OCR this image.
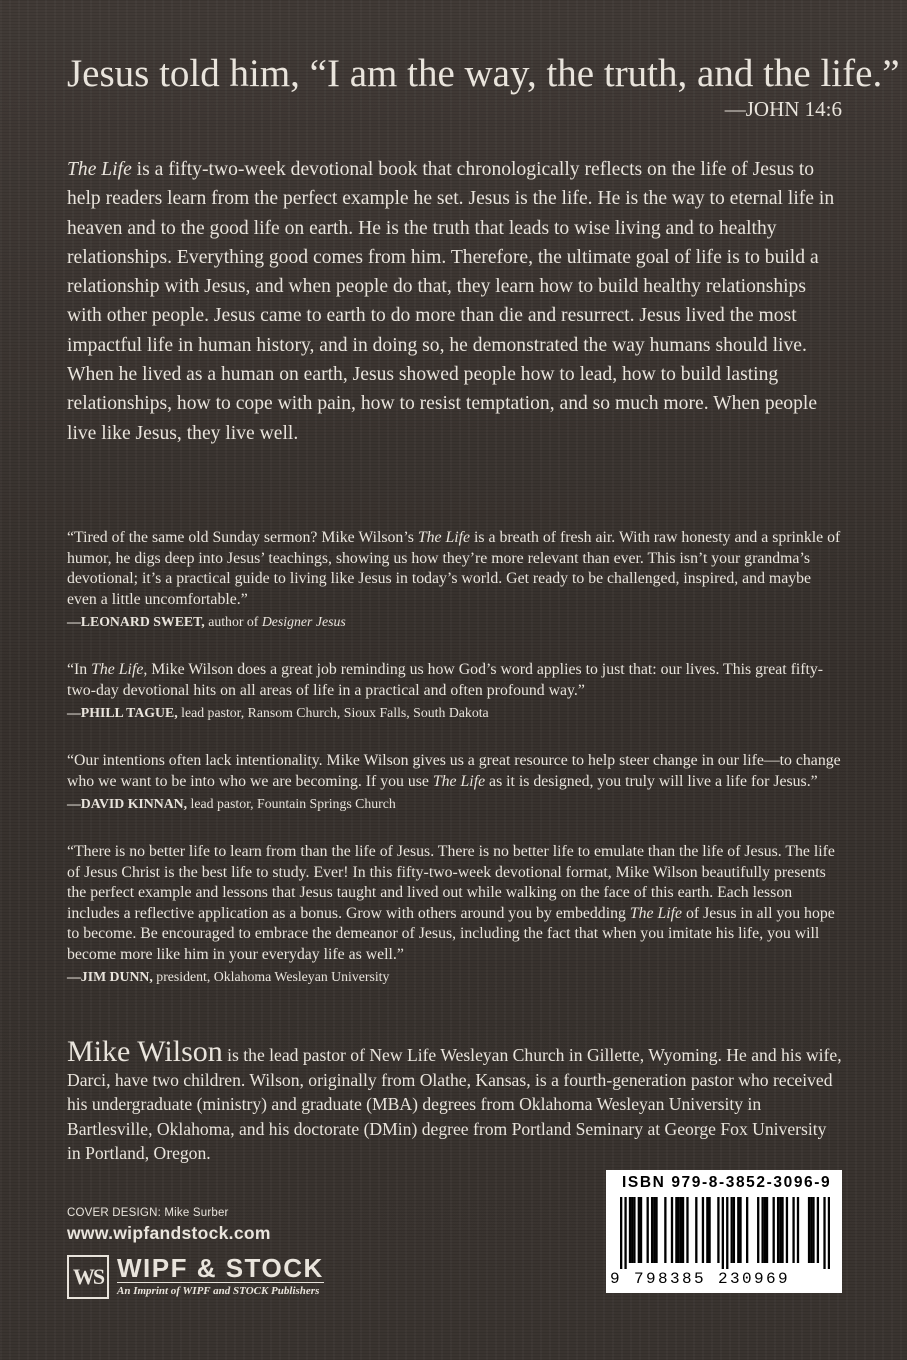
Jesus told him, “I am the way, the truth, and the life.”
—JOHN 14:6

The Life is a fifty-two-week devotional book that chronologically reflects on the life of Jesus to help readers learn from the perfect example he set. Jesus is the life. He is the way to eternal life in heaven and to the good life on earth. He is the truth that leads to wise living and to healthy relationships. Everything good comes from him. Therefore, the ultimate goal of life is to build a relationship with Jesus, and when people do that, they learn how to build healthy relationships with other people. Jesus came to earth to do more than die and resurrect. Jesus lived the most impactful life in human history, and in doing so, he demonstrated the way humans should live. When he lived as a human on earth, Jesus showed people how to lead, how to build lasting relationships, how to cope with pain, how to resist temptation, and so much more. When people live like Jesus, they live well.

“Tired of the same old Sunday sermon? Mike Wilson’s The Life is a breath of fresh air. With raw honesty and a sprinkle of humor, he digs deep into Jesus’ teachings, showing us how they’re more relevant than ever. This isn’t your grandma’s devotional; it’s a practical guide to living like Jesus in today’s world. Get ready to be challenged, inspired, and maybe even a little uncomfortable.”

—LEONARD SWEET, author of Designer Jesus

“In The Life, Mike Wilson does a great job reminding us how God’s word applies to just that: our lives. This great fifty-two-day devotional hits on all areas of life in a practical and often profound way.”

—PHILL TAGUE, lead pastor, Ransom Church, Sioux Falls, South Dakota

“Our intentions often lack intentionality. Mike Wilson gives us a great resource to help steer change in our life—to change who we want to be into who we are becoming. If you use The Life as it is designed, you truly will live a life for Jesus.”

—DAVID KINNAN, lead pastor, Fountain Springs Church

“There is no better life to learn from than the life of Jesus. There is no better life to emulate than the life of Jesus. The life of Jesus Christ is the best life to study. Ever! In this fifty-two-week devotional format, Mike Wilson beautifully presents the perfect example and lessons that Jesus taught and lived out while walking on the face of this earth. Each lesson includes a reflective application as a bonus. Grow with others around you by embedding The Life of Jesus in all you hope to become. Be encouraged to embrace the demeanor of Jesus, including the fact that when you imitate his life, you will become more like him in your everyday life as well.”

—JIM DUNN, president, Oklahoma Wesleyan University

Mike Wilson is the lead pastor of New Life Wesleyan Church in Gillette, Wyoming. He and his wife, Darci, have two children. Wilson, originally from Olathe, Kansas, is a fourth-generation pastor who received his undergraduate (ministry) and graduate (MBA) degrees from Oklahoma Wesleyan University in Bartlesville, Oklahoma, and his doctorate (DMin) degree from Portland Seminary at George Fox University in Portland, Oregon.

COVER DESIGN: Mike Surber
www.wipfandstock.com
WS WIPF & STOCK
An Imprint of WIPF and STOCK Publishers
ISBN 979-8-3852-3096-9
9 798385 230969
